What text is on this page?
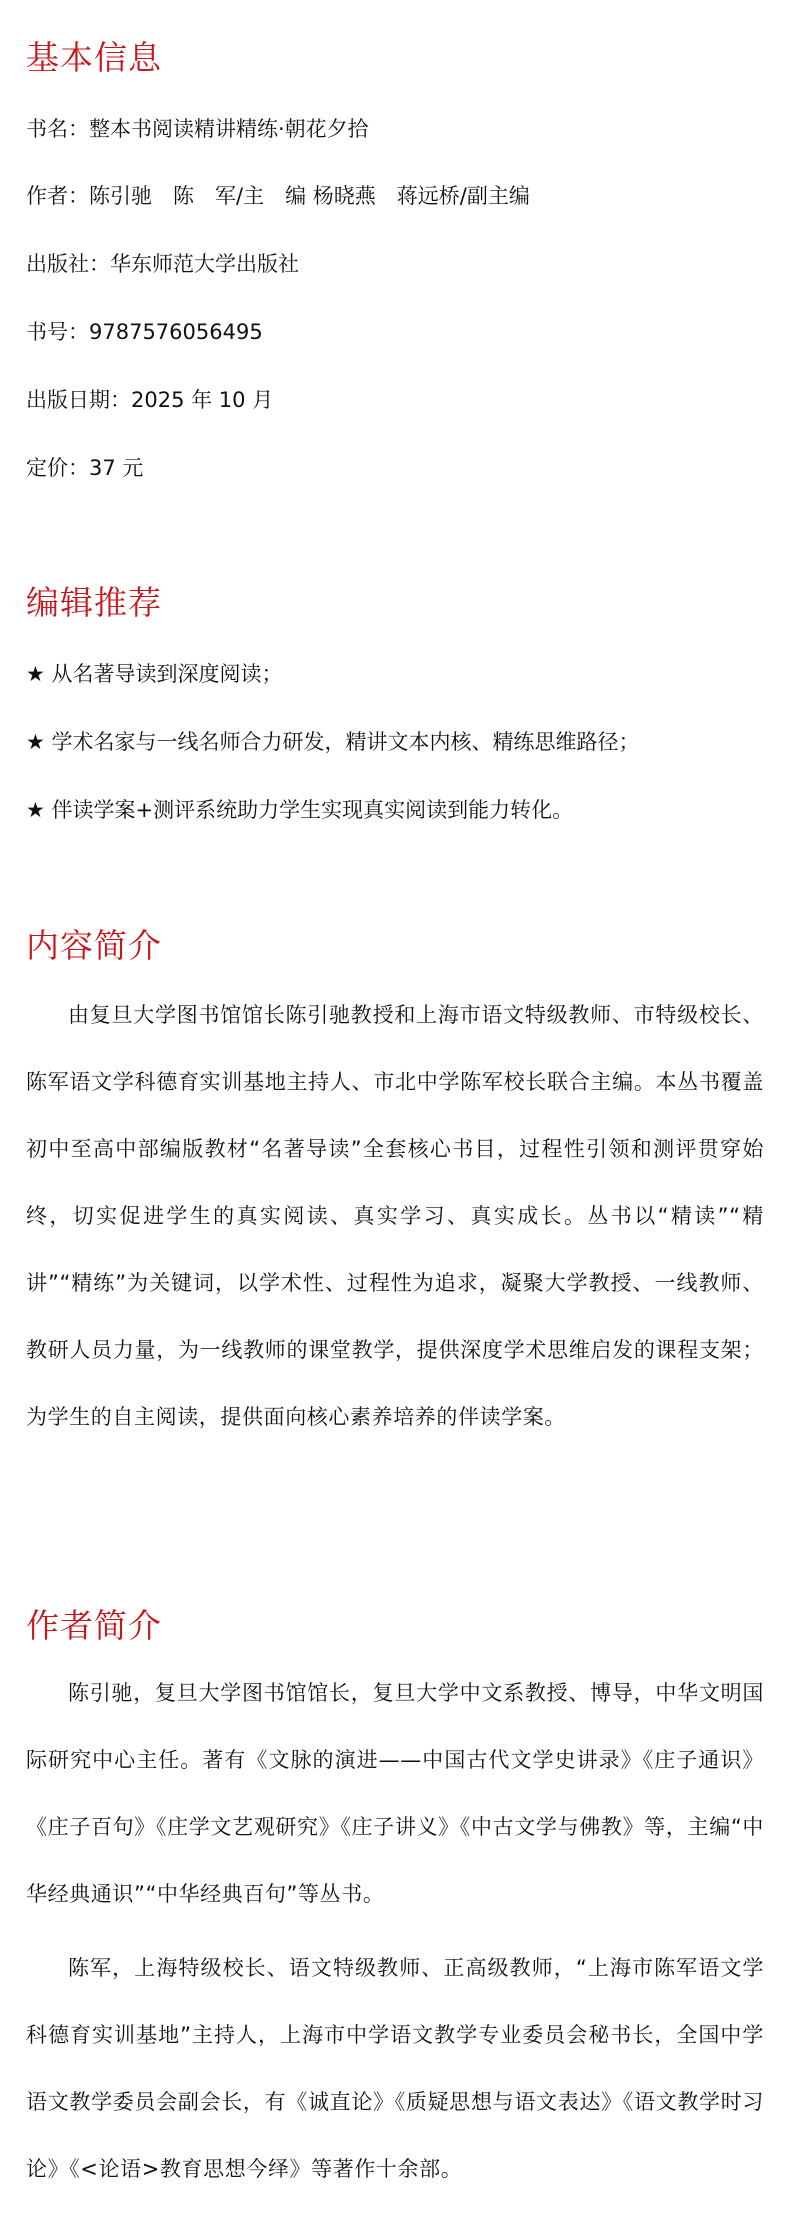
基本信息

书名：整本书阅读精讲精练·朝花夕拾

作者：陈引驰　陈　军/主　编 杨晓燕　蒋远桥/副主编

出版社：华东师范大学出版社

书号：9787576056495

出版日期：2025 年 10 月

定价：37 元

编辑推荐

★ 从名著导读到深度阅读；

★ 学术名家与一线名师合力研发，精讲文本内核、精练思维路径；

★ 伴读学案+测评系统助力学生实现真实阅读到能力转化。

内容简介

由复旦大学图书馆馆长陈引驰教授和上海市语文特级教师、市特级校长、陈军语文学科德育实训基地主持人、市北中学陈军校长联合主编。本丛书覆盖初中至高中部编版教材“名著导读”全套核心书目，过程性引领和测评贯穿始终，切实促进学生的真实阅读、真实学习、真实成长。丛书以“精读”“精讲”“精练”为关键词，以学术性、过程性为追求，凝聚大学教授、一线教师、教研人员力量，为一线教师的课堂教学，提供深度学术思维启发的课程支架；为学生的自主阅读，提供面向核心素养培养的伴读学案。

作者简介

陈引驰，复旦大学图书馆馆长，复旦大学中文系教授、博导，中华文明国际研究中心主任。著有《文脉的演进——中国古代文学史讲录》《庄子通识》《庄子百句》《庄学文艺观研究》《庄子讲义》《中古文学与佛教》等，主编“中华经典通识”“中华经典百句”等丛书。

陈军，上海特级校长、语文特级教师、正高级教师，“上海市陈军语文学科德育实训基地”主持人，上海市中学语文教学专业委员会秘书长，全国中学语文教学委员会副会长，有《诚直论》《质疑思想与语文表达》《语文教学时习论》《<论语>教育思想今绎》等著作十余部。
